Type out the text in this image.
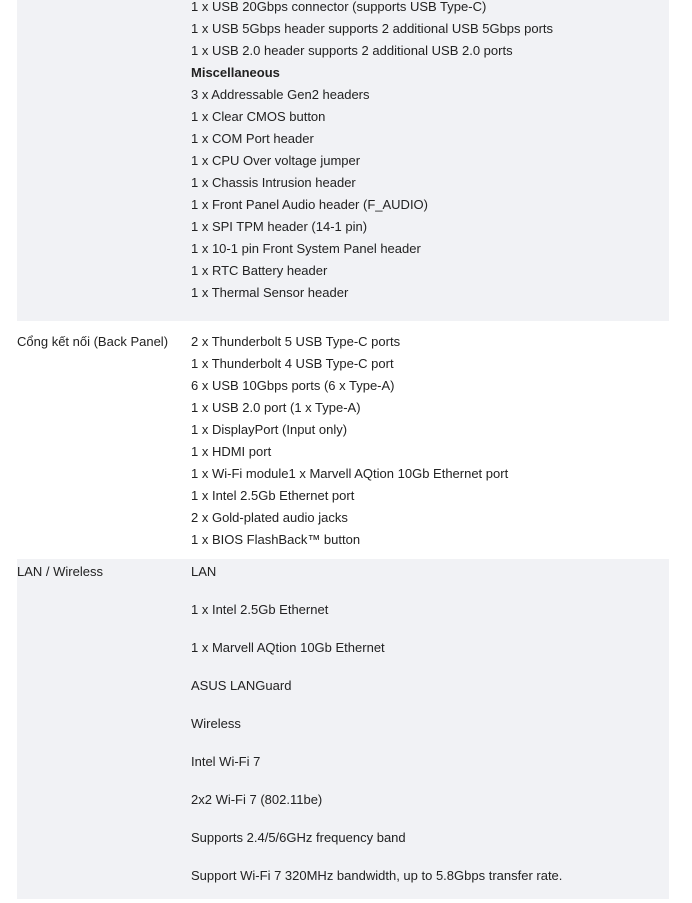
1 x USB 20Gbps connector (supports USB Type-C)
1 x USB 5Gbps header supports 2 additional USB 5Gbps ports
1 x USB 2.0 header supports 2 additional USB 2.0 ports
Miscellaneous
3 x Addressable Gen2 headers
1 x Clear CMOS button
1 x COM Port header
1 x CPU Over voltage jumper
1 x Chassis Intrusion header
1 x Front Panel Audio header (F_AUDIO)
1 x SPI TPM header (14-1 pin)
1 x 10-1 pin Front System Panel header
1 x RTC Battery header
1 x Thermal Sensor header
Cổng kết nối (Back Panel)	2 x Thunderbolt 5 USB Type-C ports
1 x Thunderbolt 4 USB Type-C port
6 x USB 10Gbps ports (6 x Type-A)
1 x USB 2.0 port (1 x Type-A)
1 x DisplayPort (Input only)
1 x HDMI port
1 x Wi-Fi module1 x Marvell AQtion 10Gb Ethernet port
1 x Intel 2.5Gb Ethernet port
2 x Gold-plated audio jacks
1 x BIOS FlashBack™ button
LAN / Wireless	LAN
1 x Intel 2.5Gb Ethernet
1 x Marvell AQtion 10Gb Ethernet
ASUS LANGuard
Wireless
Intel Wi-Fi 7
2x2 Wi-Fi 7 (802.11be)
Supports 2.4/5/6GHz frequency band
Support Wi-Fi 7 320MHz bandwidth, up to 5.8Gbps transfer rate.
